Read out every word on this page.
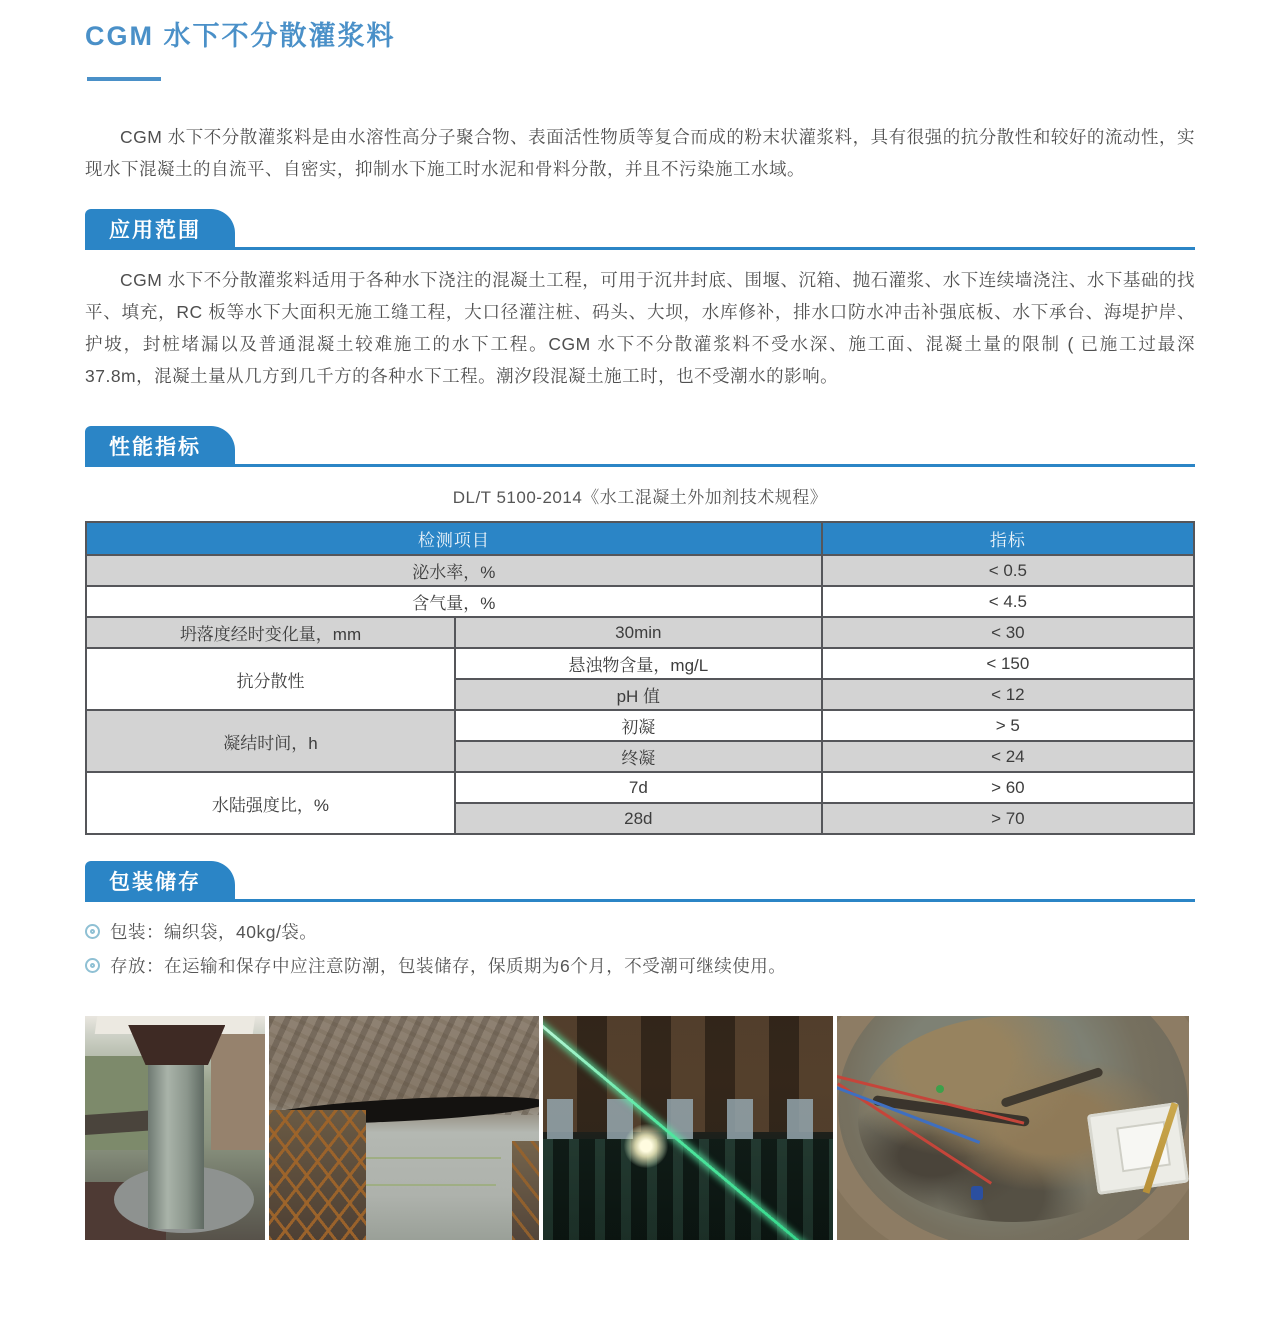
CGM 水下不分散灌浆料

CGM 水下不分散灌浆料是由水溶性高分子聚合物、表面活性物质等复合而成的粉末状灌浆料，具有很强的抗分散性和较好的流动性，实现水下混凝土的自流平、自密实，抑制水下施工时水泥和骨料分散，并且不污染施工水域。

应用范围

CGM 水下不分散灌浆料适用于各种水下浇注的混凝土工程，可用于沉井封底、围堰、沉箱、抛石灌浆、水下连续墙浇注、水下基础的找平、填充，RC 板等水下大面积无施工缝工程，大口径灌注桩、码头、大坝，水库修补，排水口防水冲击补强底板、水下承台、海堤护岸、护坡，封桩堵漏以及普通混凝土较难施工的水下工程。CGM 水下不分散灌浆料不受水深、施工面、混凝土量的限制 ( 已施工过最深 37.8m，混凝土量从几方到几千方的各种水下工程。潮汐段混凝土施工时，也不受潮水的影响。

性能指标

DL/T 5100-2014《水工混凝土外加剂技术规程》

检测项目		指标
泌水率，%		< 0.5
含气量，%		< 4.5
坍落度经时变化量，mm	30min	< 30
抗分散性	悬浊物含量，mg/L	< 150
	pH 值	< 12
凝结时间，h	初凝	> 5
	终凝	< 24
水陆强度比，%	7d	> 60
	28d	> 70
包装储存
包装：编织袋，40kg/袋。
存放：在运输和保存中应注意防潮，包装储存，保质期为6个月，不受潮可继续使用。
